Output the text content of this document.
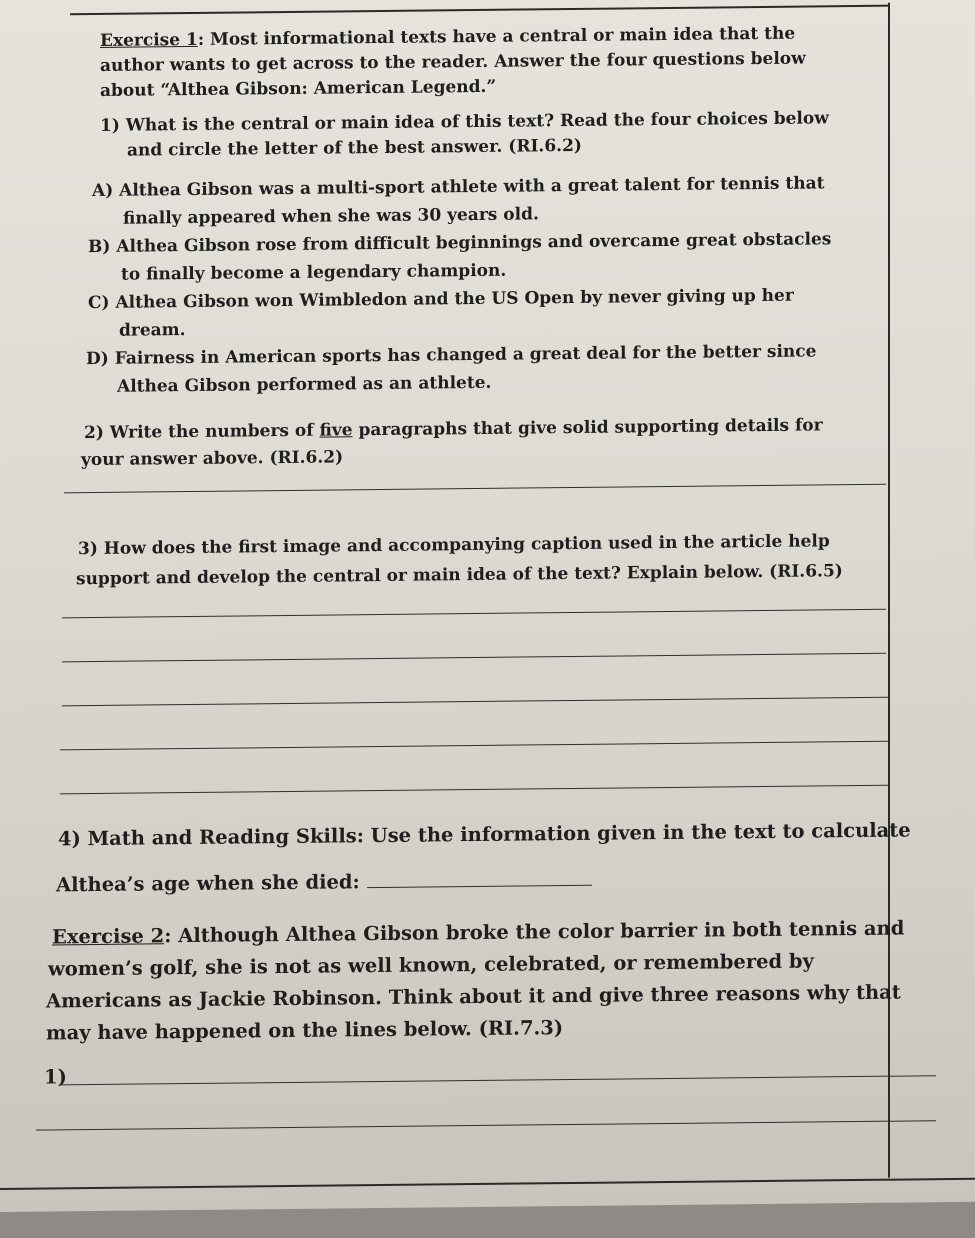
Exercise 1: Most informational texts have a central or main idea that the

author wants to get across to the reader. Answer the four questions below

about “Althea Gibson: American Legend.”

1) What is the central or main idea of this text? Read the four choices below

and circle the letter of the best answer. (RI.6.2)

A) Althea Gibson was a multi-sport athlete with a great talent for tennis that

finally appeared when she was 30 years old.

B) Althea Gibson rose from difficult beginnings and overcame great obstacles

to finally become a legendary champion.

C) Althea Gibson won Wimbledon and the US Open by never giving up her

dream.

D) Fairness in American sports has changed a great deal for the better since

Althea Gibson performed as an athlete.

2) Write the numbers of five paragraphs that give solid supporting details for

your answer above. (RI.6.2)

3) How does the first image and accompanying caption used in the article help

support and develop the central or main idea of the text? Explain below. (RI.6.5)

4) Math and Reading Skills: Use the information given in the text to calculate

Althea’s age when she died:

Exercise 2: Although Althea Gibson broke the color barrier in both tennis and

women’s golf, she is not as well known, celebrated, or remembered by

Americans as Jackie Robinson. Think about it and give three reasons why that

may have happened on the lines below. (RI.7.3)

1)
